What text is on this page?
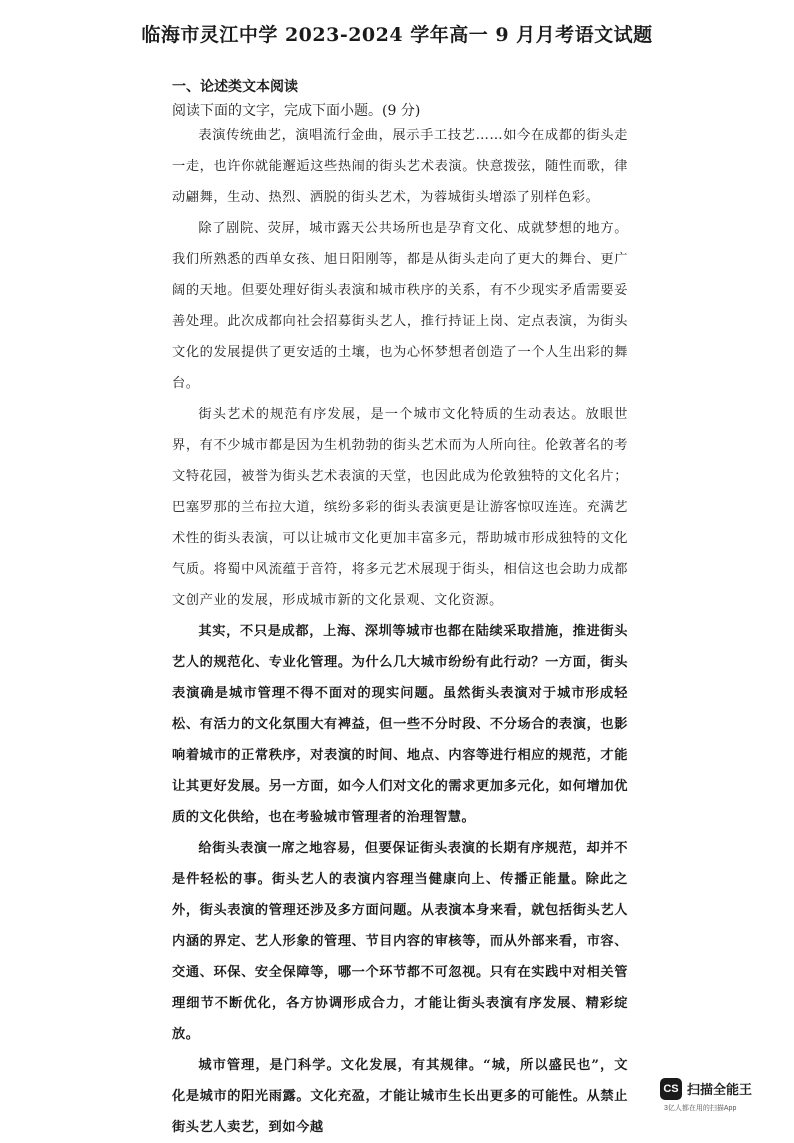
临海市灵江中学 2023-2024 学年高一 9 月月考语文试题
一、论述类文本阅读
阅读下面的文字，完成下面小题。(9 分)

表演传统曲艺，演唱流行金曲，展示手工技艺……如今在成都的街头走一走，也许你就能邂逅这些热闹的街头艺术表演。快意拨弦，随性而歌，律动翩舞，生动、热烈、洒脱的街头艺术，为蓉城街头增添了别样色彩。

除了剧院、荧屏，城市露天公共场所也是孕育文化、成就梦想的地方。我们所熟悉的西单女孩、旭日阳刚等，都是从街头走向了更大的舞台、更广阔的天地。但要处理好街头表演和城市秩序的关系，有不少现实矛盾需要妥善处理。此次成都向社会招募街头艺人，推行持证上岗、定点表演，为街头文化的发展提供了更安适的土壤，也为心怀梦想者创造了一个人生出彩的舞台。

街头艺术的规范有序发展，是一个城市文化特质的生动表达。放眼世界，有不少城市都是因为生机勃勃的街头艺术而为人所向往。伦敦著名的考文特花园，被誉为街头艺术表演的天堂，也因此成为伦敦独特的文化名片；巴塞罗那的兰布拉大道，缤纷多彩的街头表演更是让游客惊叹连连。充满艺术性的街头表演，可以让城市文化更加丰富多元，帮助城市形成独特的文化气质。将蜀中风流蕴于音符，将多元艺术展现于街头，相信这也会助力成都文创产业的发展，形成城市新的文化景观、文化资源。

其实，不只是成都，上海、深圳等城市也都在陆续采取措施，推进街头艺人的规范化、专业化管理。为什么几大城市纷纷有此行动？一方面，街头表演确是城市管理不得不面对的现实问题。虽然街头表演对于城市形成轻松、有活力的文化氛围大有裨益，但一些不分时段、不分场合的表演，也影响着城市的正常秩序，对表演的时间、地点、内容等进行相应的规范，才能让其更好发展。另一方面，如今人们对文化的需求更加多元化，如何增加优质的文化供给，也在考验城市管理者的治理智慧。

给街头表演一席之地容易，但要保证街头表演的长期有序规范，却并不是件轻松的事。街头艺人的表演内容理当健康向上、传播正能量。除此之外，街头表演的管理还涉及多方面问题。从表演本身来看，就包括街头艺人内涵的界定、艺人形象的管理、节目内容的审核等，而从外部来看，市容、交通、环保、安全保障等，哪一个环节都不可忽视。只有在实践中对相关管理细节不断优化，各方协调形成合力，才能让街头表演有序发展、精彩绽放。

城市管理，是门科学。文化发展，有其规律。“城，所以盛民也”，文化是城市的阳光雨露。文化充盈，才能让城市生长出更多的可能性。从禁止街头艺人卖艺，到如今越

CS 扫描全能王
3亿人都在用的扫描App
